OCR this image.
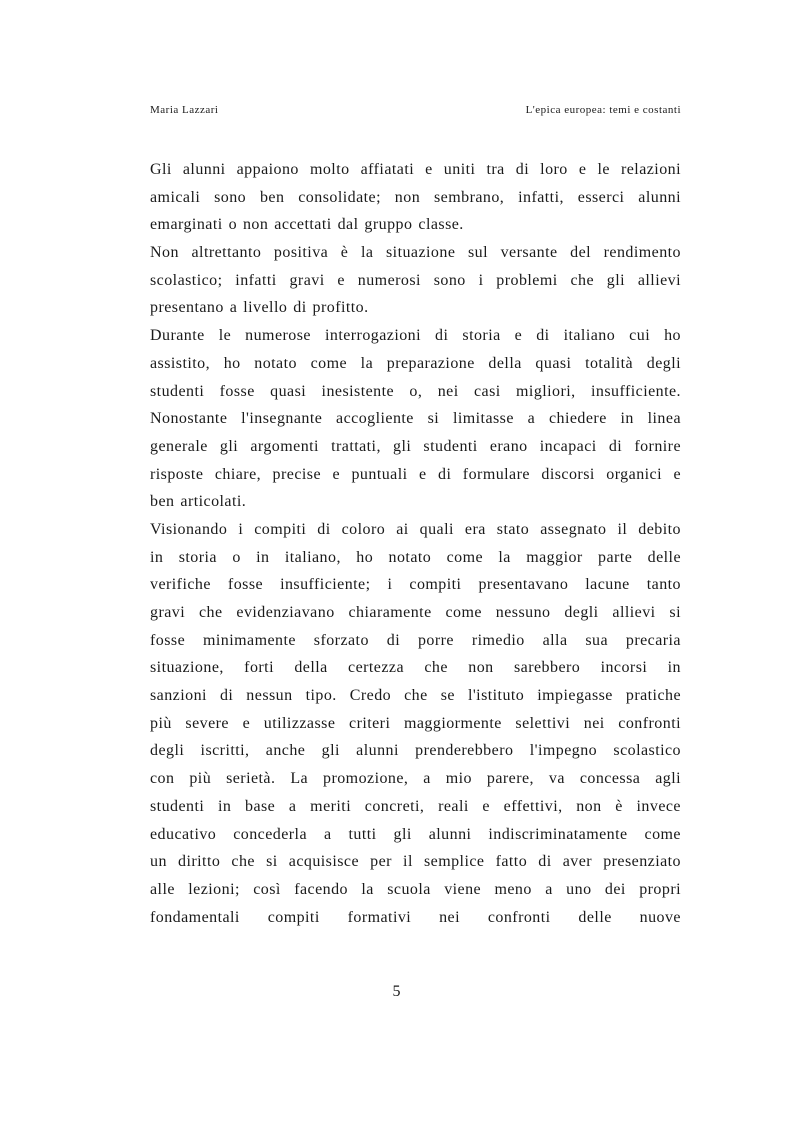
Maria Lazzari	L'epica europea: temi e costanti
Gli alunni appaiono molto affiatati e uniti tra di loro e le relazioni
amicali sono ben consolidate; non sembrano, infatti, esserci alunni
emarginati o non accettati dal gruppo classe.
Non altrettanto positiva è la situazione sul versante del rendimento
scolastico; infatti gravi e numerosi sono i problemi che gli allievi
presentano a livello di profitto.
Durante le numerose interrogazioni di storia e di italiano cui ho
assistito, ho notato come la preparazione della quasi totalità degli
studenti fosse quasi inesistente o, nei casi migliori, insufficiente.
Nonostante l'insegnante accogliente si limitasse a chiedere in linea
generale gli argomenti trattati, gli studenti erano incapaci di fornire
risposte chiare, precise e puntuali e di formulare discorsi organici e
ben articolati.
Visionando i compiti di coloro ai quali era stato assegnato il debito
in storia o in italiano, ho notato come la maggior parte delle
verifiche fosse insufficiente; i compiti presentavano lacune tanto
gravi che evidenziavano chiaramente come nessuno degli allievi si
fosse minimamente sforzato di porre rimedio alla sua precaria
situazione, forti della certezza che non sarebbero incorsi in
sanzioni di nessun tipo. Credo che se l'istituto impiegasse pratiche
più severe e utilizzasse criteri maggiormente selettivi nei confronti
degli iscritti, anche gli alunni prenderebbero l'impegno scolastico
con più serietà. La promozione, a mio parere, va concessa agli
studenti in base a meriti concreti, reali e effettivi, non è invece
educativo concederla a tutti gli alunni indiscriminatamente come
un diritto che si acquisisce per il semplice fatto di aver presenziato
alle lezioni; così facendo la scuola viene meno a uno dei propri
fondamentali compiti formativi nei confronti delle nuove
5
